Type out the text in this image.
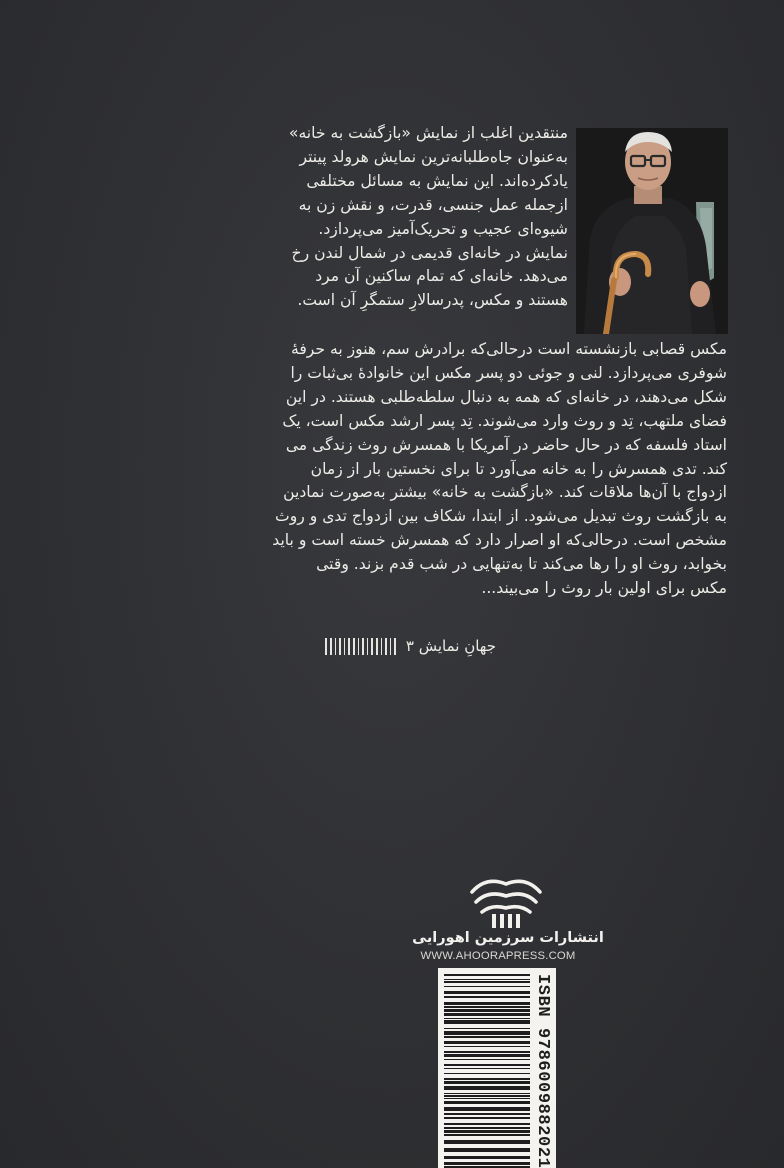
منتقدین اغلب از نمایش «بازگشت به خانه»

به‌عنوان جاه‌طلبانه‌ترین نمایش هرولد پینتر

یادکرده‌اند. این نمایش به مسائل مختلفی

ازجمله عمل جنسی، قدرت، و نقش زن به

شیوه‌ای عجیب و تحریک‌آمیز می‌پردازد.

نمایش در خانه‌ای قدیمی در شمال لندن رخ

می‌دهد. خانه‌ای که تمام ساکنین آن مرد

هستند و مکس، پدرسالارِ ستمگرِ آن است.

مکس قصابی بازنشسته است درحالی‌که برادرش سم، هنوز به حرفهٔ

شوفری می‌پردازد. لنی و جوئی دو پسر مکس این خانوادهٔ بی‌ثبات را

شکل می‌دهند، در خانه‌ای که همه به دنبال سلطه‌طلبی هستند. در این

فضای ملتهب، تِد و روث وارد می‌شوند. تِد پسر ارشد مکس است، یک

استاد فلسفه که در حال حاضر در آمریکا با همسرش روث زندگی می

کند. تدی همسرش را به خانه می‌آورد تا برای نخستین بار از زمان

ازدواج با آن‌ها ملاقات کند. «بازگشت به خانه» بیشتر به‌صورت نمادین

به بازگشت روث تبدیل می‌شود. از ابتدا، شکاف بین ازدواج تدی و روث

مشخص است. درحالی‌که او اصرار دارد که همسرش خسته است و باید

بخوابد، روث او را رها می‌کند تا به‌تنهایی در شب قدم بزند. وقتی

مکس برای اولین بار روث را می‌بیند...

جهانِ نمایش ۳
انتشارات سرزمین اهورایی
WWW.AHOORAPRESS.COM
ISBN 9786009882021
